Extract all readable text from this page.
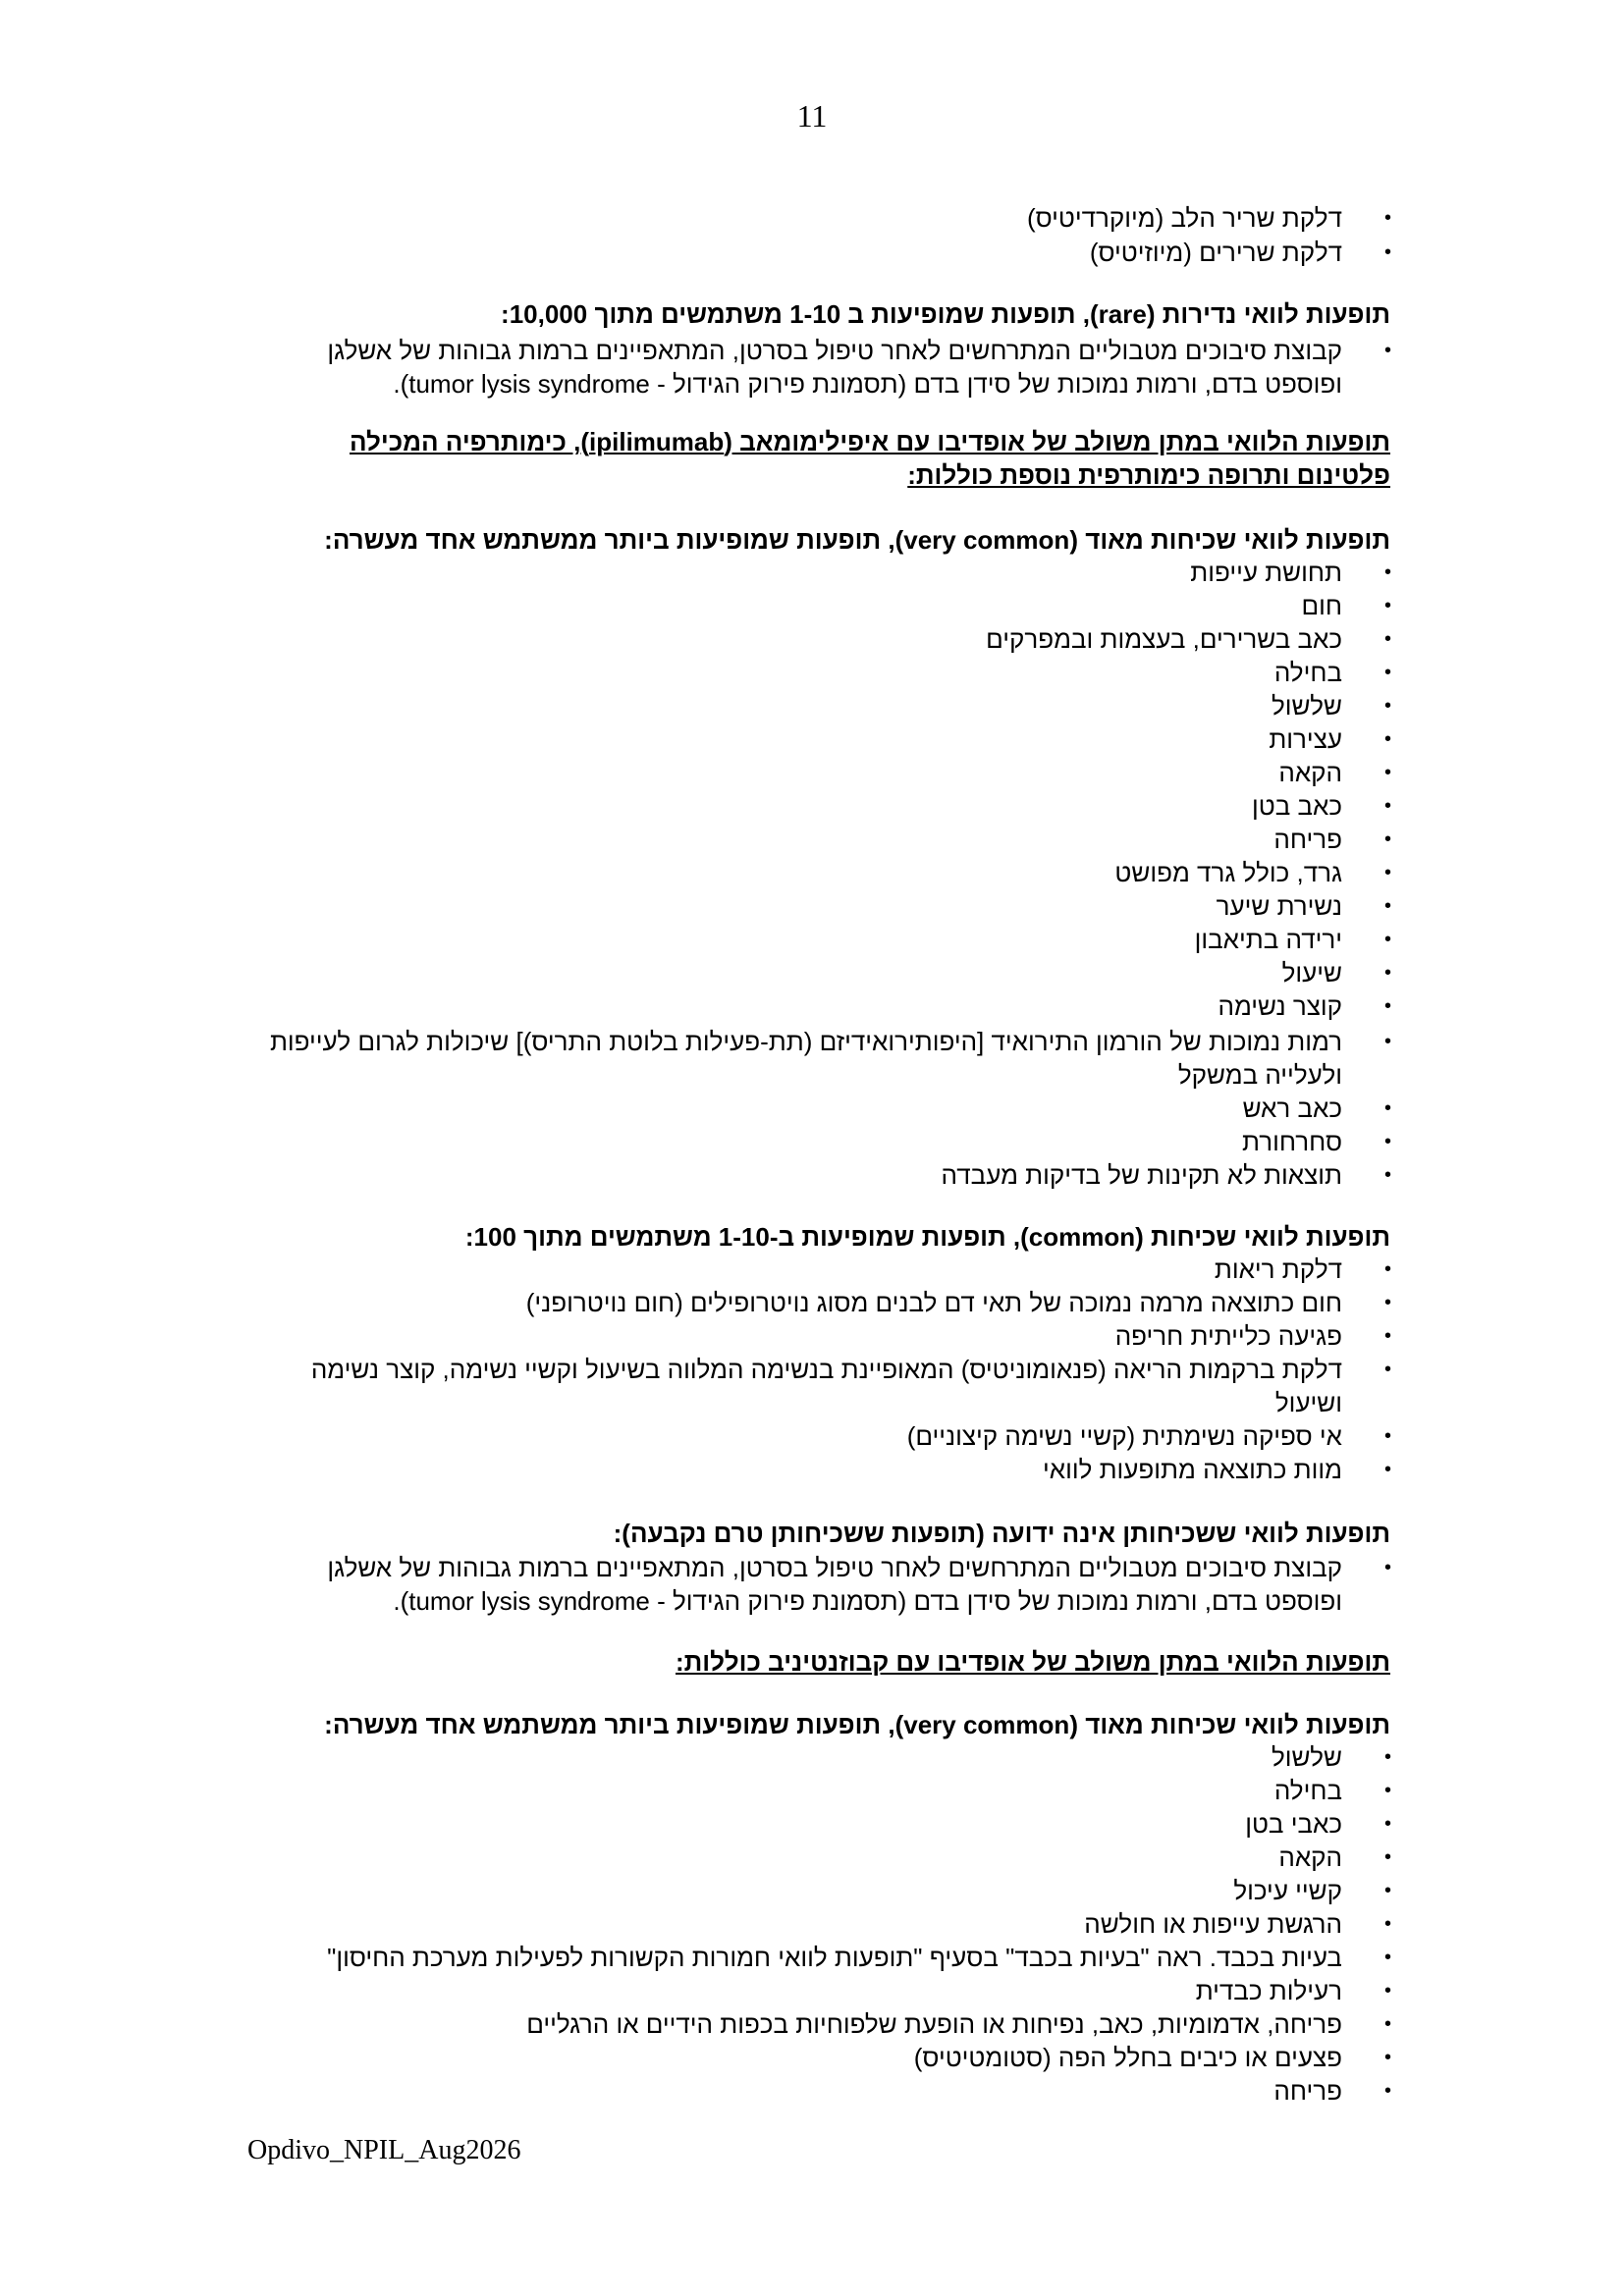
11
•
דלקת שריר הלב (מיוקרדיטיס)
•
דלקת שרירים (מיוזיטיס)
תופעות לוואי נדירות (rare), תופעות שמופיעות ב 1-10 משתמשים מתוך 10,000:
•
קבוצת סיבוכים מטבוליים המתרחשים לאחר טיפול בסרטן, המתאפיינים ברמות גבוהות של אשלגן ופוספט בדם, ורמות נמוכות של סידן בדם (תסמונת פירוק הגידול - tumor lysis syndrome).
תופעות הלוואי במתן משולב של אופדיבו עם איפילימומאב (ipilimumab), כימותרפיה המכילה פלטינום ותרופה כימותרפית נוספת כוללות:
תופעות לוואי שכיחות מאוד (very common), תופעות שמופיעות ביותר ממשתמש אחד מעשרה:
•
תחושת עייפות
•
חום
•
כאב בשרירים, בעצמות ובמפרקים
•
בחילה
•
שלשול
•
עצירות
•
הקאה
•
כאב בטן
•
פריחה
•
גרד, כולל גרד מפושט
•
נשירת שיער
•
ירידה בתיאבון
•
שיעול
•
קוצר נשימה
•
רמות נמוכות של הורמון התירואיד [היפותירואידיזם (תת-פעילות בלוטת התריס)] שיכולות לגרום לעייפות ולעלייה במשקל
•
כאב ראש
•
סחרחורת
•
תוצאות לא תקינות של בדיקות מעבדה
תופעות לוואי שכיחות (common), תופעות שמופיעות ב-1-10 משתמשים מתוך 100:
•
דלקת ריאות
•
חום כתוצאה מרמה נמוכה של תאי דם לבנים מסוג נויטרופילים (חום נויטרופני)
•
פגיעה כלייתית חריפה
•
דלקת ברקמות הריאה (פנאומוניטיס) המאופיינת בנשימה המלווה בשיעול וקשיי נשימה, קוצר נשימה ושיעול
•
אי ספיקה נשימתית (קשיי נשימה קיצוניים)
•
מוות כתוצאה מתופעות לוואי
תופעות לוואי ששכיחותן אינה ידועה (תופעות ששכיחותן טרם נקבעה):
•
קבוצת סיבוכים מטבוליים המתרחשים לאחר טיפול בסרטן, המתאפיינים ברמות גבוהות של אשלגן ופוספט בדם, ורמות נמוכות של סידן בדם (תסמונת פירוק הגידול - tumor lysis syndrome).
תופעות הלוואי במתן משולב של אופדיבו עם קבוזנטיניב כוללות:
תופעות לוואי שכיחות מאוד (very common), תופעות שמופיעות ביותר ממשתמש אחד מעשרה:
•
שלשול
•
בחילה
•
כאבי בטן
•
הקאה
•
קשיי עיכול
•
הרגשת עייפות או חולשה
•
בעיות בכבד. ראה "בעיות בכבד" בסעיף "תופעות לוואי חמורות הקשורות לפעילות מערכת החיסון"
•
רעילות כבדית
•
פריחה, אדמומיות, כאב, נפיחות או הופעת שלפוחיות בכפות הידיים או הרגליים
•
פצעים או כיבים בחלל הפה (סטומטיטיס)
•
פריחה
Opdivo_NPIL_Aug2026
